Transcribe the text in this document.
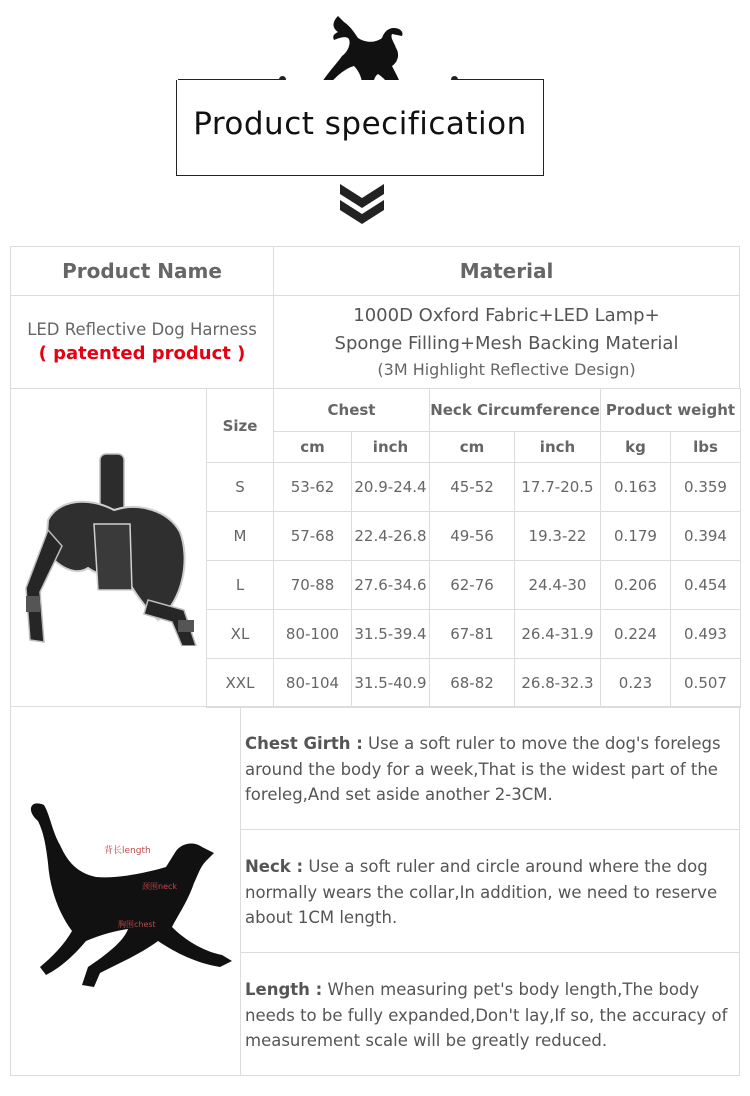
Product specification
Product Name	Material
LED Reflective Dog Harness
( patented product )
1000D Oxford Fabric+LED Lamp+
Sponge Filling+Mesh Backing Material
(3M Highlight Reflective Design)
Size
Chest	Neck Circumference Product weight
cm	inch	cm	inch	kg	lbs
S	53-62	20.9-24.4	45-52	17.7-20.5	0.163	0.359
M	57-68	22.4-26.8	49-56	19.3-22	0.179	0.394
L	70-88	27.6-34.6	62-76	24.4-30	0.206	0.454
XL	80-100	31.5-39.4	67-81	26.4-31.9	0.224	0.493
XXL	80-104	31.5-40.9	68-82	26.8-32.3	0.23	0.507
背长length
颈围neck
胸围chest
Chest Girth : Use a soft ruler to move the dog's forelegs around the body for a week,That is the widest part of the foreleg,And set aside another 2-3CM.
Neck : Use a soft ruler and circle around where the dog normally wears the collar,In addition, we need to reserve about 1CM length.
Length : When measuring pet's body length,The body needs to be fully expanded,Don't lay,If so, the accuracy of measurement scale will be greatly reduced.
